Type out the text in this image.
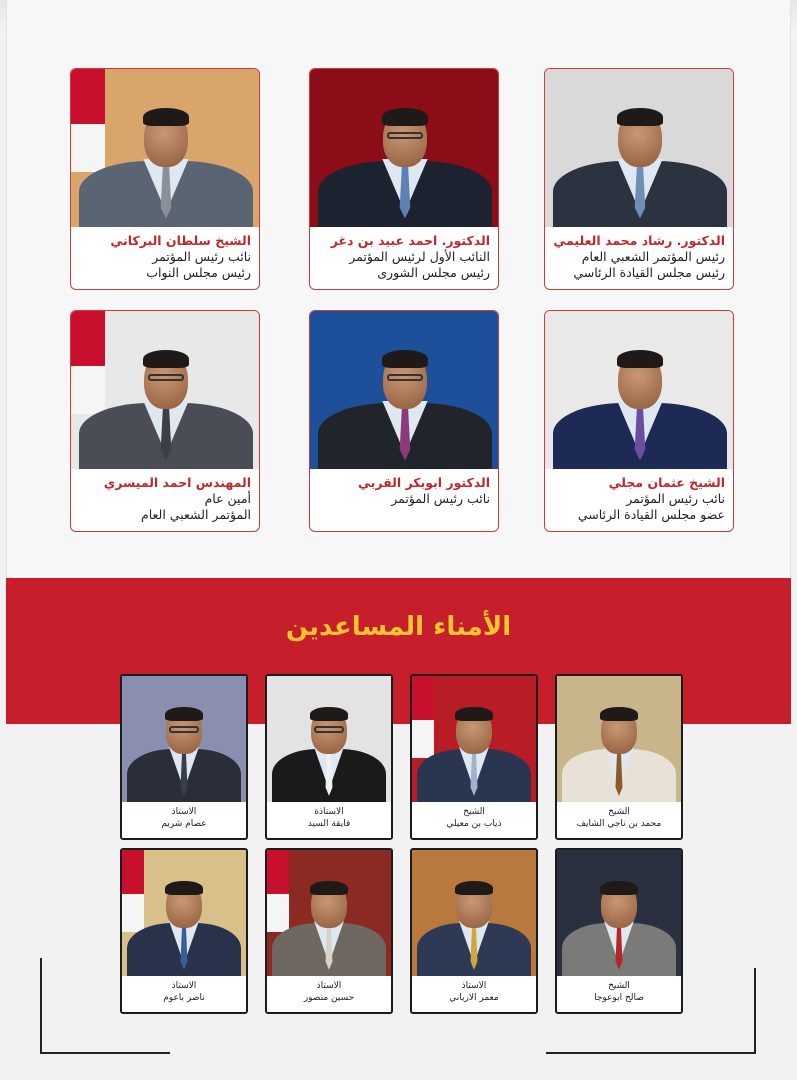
الدكتور. رشاد محمد العليمي
رئيس المؤتمر الشعبي العام
رئيس مجلس القيادة الرئاسي
الدكتور. احمد عبيد بن دغر
النائب الأول لرئيس المؤتمر
رئيس مجلس الشورى
الشيخ سلطان البركاني
نائب رئيس المؤتمر
رئيس مجلس النواب
الشيخ عثمان مجلي
نائب رئيس المؤتمر
عضو مجلس القيادة الرئاسي
الدكتور ابوبكر القربي
نائب رئيس المؤتمر
المهندس احمد الميسري
أمين عام
المؤتمر الشعبي العام
الأمناء المساعدين
الشيخ
محمد بن ناجي الشايف
الشيخ
ذياب بن معيلي
الاستاذة
فايقة السيد
الاستاذ
عصام شريم
الشيخ
صالح ابوعوجا
الاستاذ
معمر الارياني
الاستاذ
حسين منصور
الاستاذ
ناصر باعوم
